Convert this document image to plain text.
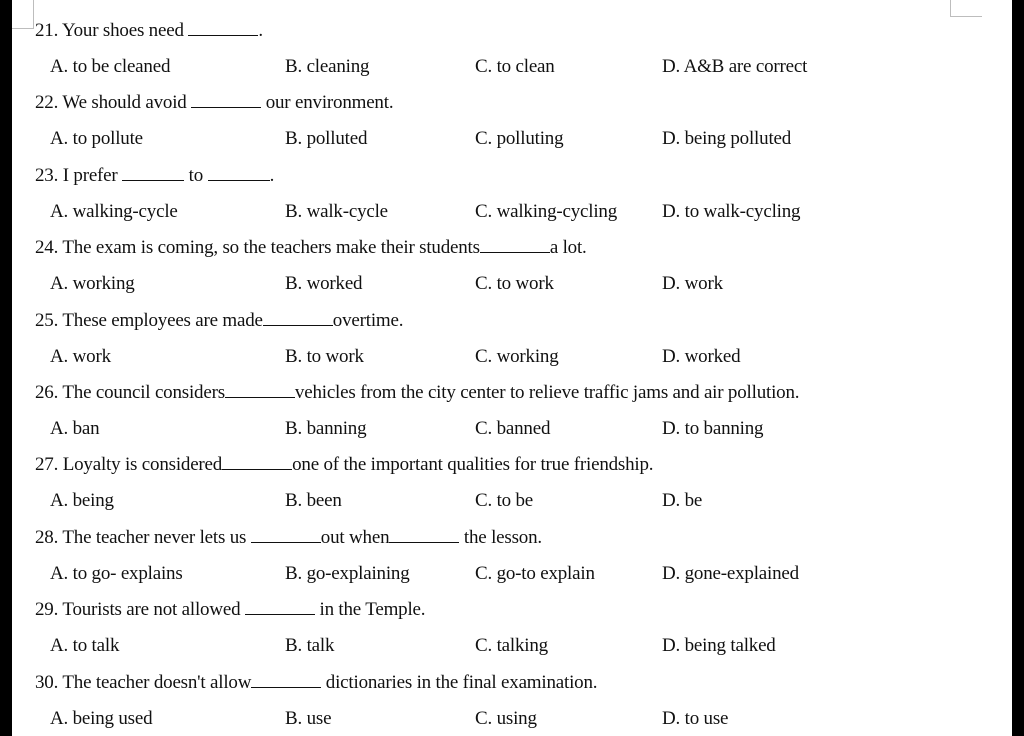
21. Your shoes need	.
A. to be cleaned	B. cleaning	C. to clean	D. A&B are correct
22. We should avoid	our environment.
A. to pollute	B. polluted	C. polluting	D. being polluted
23. I prefer	to	.
A. walking-cycle	B. walk-cycle	C. walking-cycling D. to walk-cycling
24. The exam is coming, so the teachers make their students	a lot.
A. working	B. worked	C. to work	D. work
25. These employees are made	overtime.
A. work	B. to work	C. working	D. worked
26. The council considers	vehicles from the city center to relieve traffic jams and air pollution.
A. ban	B. banning	C. banned	D. to banning
27. Loyalty is considered	one of the important qualities for true friendship.
A. being	B. been	C. to be	D. be
28. The teacher never lets us	out when	the lesson.
A. to go- explains	B. go-explaining	C. go-to explain	D. gone-explained
29. Tourists are not allowed	in the Temple.
A. to talk	B. talk	C. talking	D. being talked
30. The teacher doesn't allow	dictionaries in the final examination.
A. being used	B. use	C. using	D. to use
